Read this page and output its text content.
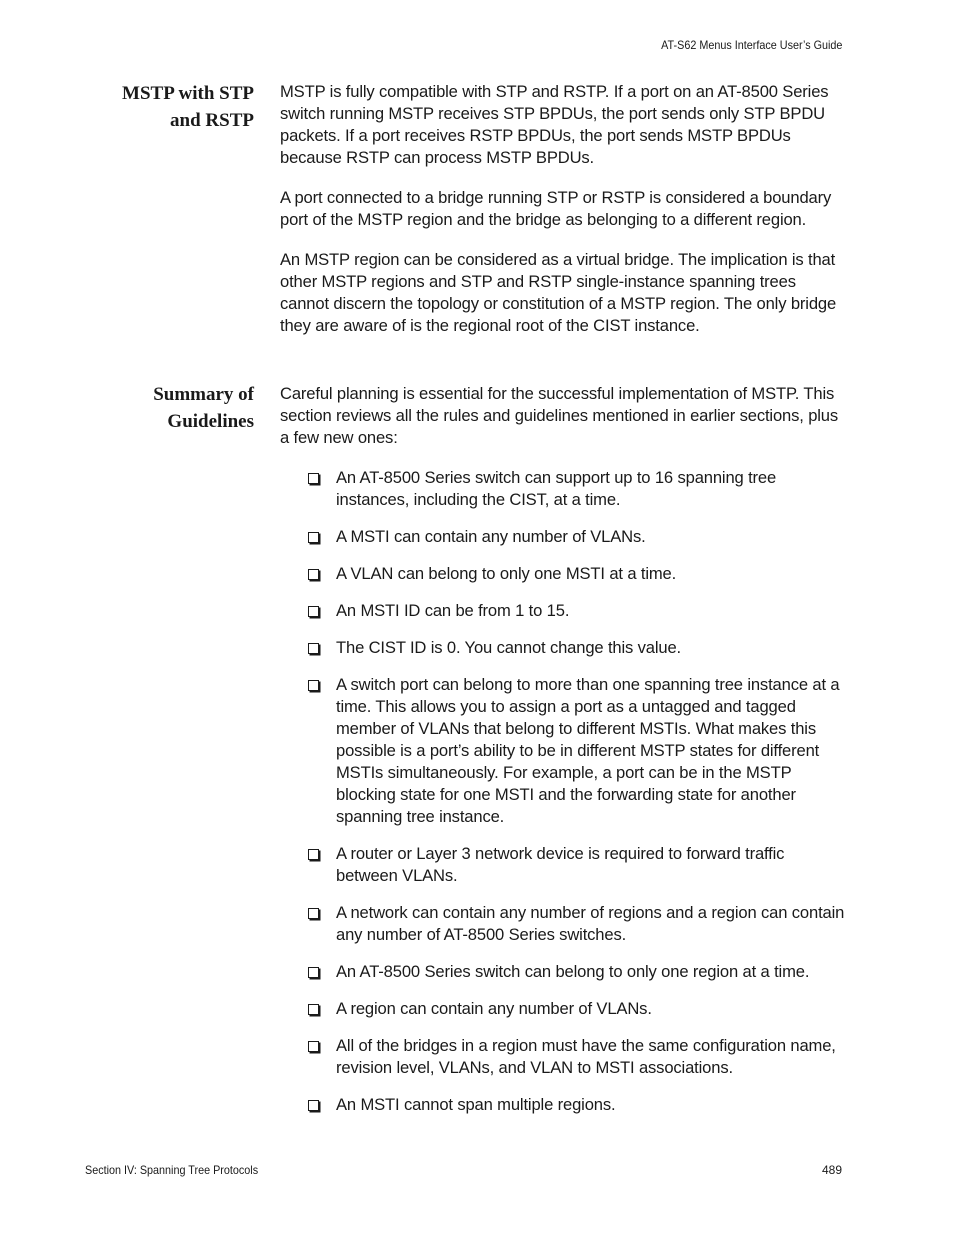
AT-S62 Menus Interface User’s Guide
MSTP with STP
and RSTP

MSTP is fully compatible with STP and RSTP. If a port on an AT-8500 Series switch running MSTP receives STP BPDUs, the port sends only STP BPDU packets. If a port receives RSTP BPDUs, the port sends MSTP BPDUs because RSTP can process MSTP BPDUs.

A port connected to a bridge running STP or RSTP is considered a boundary port of the MSTP region and the bridge as belonging to a different region.

An MSTP region can be considered as a virtual bridge. The implication is that other MSTP regions and STP and RSTP single-instance spanning trees cannot discern the topology or constitution of a MSTP region. The only bridge they are aware of is the regional root of the CIST instance.

Summary of
Guidelines

Careful planning is essential for the successful implementation of MSTP. This section reviews all the rules and guidelines mentioned in earlier sections, plus a few new ones:

An AT-8500 Series switch can support up to 16 spanning tree instances, including the CIST, at a time.
A MSTI can contain any number of VLANs.
A VLAN can belong to only one MSTI at a time.
An MSTI ID can be from 1 to 15.
The CIST ID is 0. You cannot change this value.
A switch port can belong to more than one spanning tree instance at a time. This allows you to assign a port as a untagged and tagged member of VLANs that belong to different MSTIs. What makes this possible is a port’s ability to be in different MSTP states for different MSTIs simultaneously. For example, a port can be in the MSTP blocking state for one MSTI and the forwarding state for another spanning tree instance.
A router or Layer 3 network device is required to forward traffic between VLANs.
A network can contain any number of regions and a region can contain any number of AT-8500 Series switches.
An AT-8500 Series switch can belong to only one region at a time.
A region can contain any number of VLANs.
All of the bridges in a region must have the same configuration name, revision level, VLANs, and VLAN to MSTI associations.
An MSTI cannot span multiple regions.
Section IV: Spanning Tree Protocols	489
